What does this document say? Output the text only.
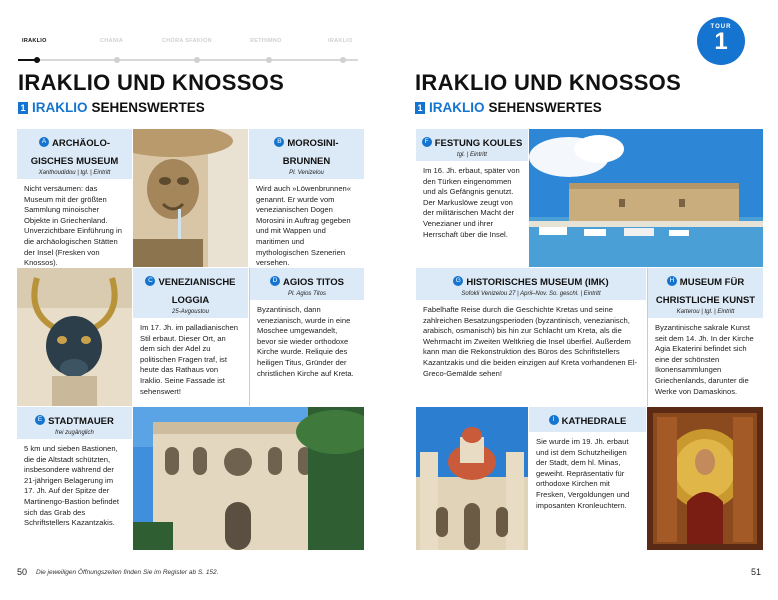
IRAKLIO	CHANIA	CHÓRA SFAKION	RETHIMNO	IRAKLIO
IRAKLIO UND KNOSSOS
1 IRAKLIO SEHENSWERTES
A ARCHÄOLO-GISCHES MUSEUM
Xanthoudidou | tgl. | Eintritt
Nicht versäumen: das Museum mit der größten Sammlung minoischer Objekte in Griechenland. Unverzichtbare Einführung in die archäologischen Stätten der Insel (Fresken von Knossos).
B MOROSINI-BRUNNEN
Pl. Venizelou
Wird auch »Löwenbrunnen« genannt. Er wurde vom venezianischen Dogen Morosini in Auftrag gegeben und mit Wappen und maritimen und mythologischen Szenerien versehen.
C VENEZIANISCHE LOGGIA
25-Avgoustou
Im 17. Jh. im palladianischen Stil erbaut. Dieser Ort, an dem sich der Adel zu politischen Fragen traf, ist heute das Rathaus von Iraklio. Seine Fassade ist sehenswert!
D AGIOS TITOS
Pl. Agios Titos
Byzantinisch, dann venezianisch, wurde in eine Moschee umgewandelt, bevor sie wieder orthodoxe Kirche wurde. Reliquie des heiligen Titus, Gründer der christlichen Kirche auf Kreta.
E STADTMAUER
frei zugänglich
5 km und sieben Bastionen, die die Altstadt schützten, insbesondere während der 21-jährigen Belagerung im 17. Jh. Auf der Spitze der Martinengo-Bastion befindet sich das Grab des Schriftstellers Kazantzakis.
50 Die jeweiligen Öffnungszeiten finden Sie im Register ab S. 152.
IRAKLIO UND KNOSSOS
1 IRAKLIO SEHENSWERTES
F FESTUNG KOULES
tgl. | Eintritt
Im 16. Jh. erbaut, später von den Türken eingenommen und als Gefängnis genutzt. Der Markuslöwe zeugt von der militärischen Macht der Venezianer und ihrer Herrschaft über die Insel.
G HISTORISCHES MUSEUM (IMK)
Sofokli Venizelou 27 | April–Nov. So. geschl. | Eintritt
Fabelhafte Reise durch die Geschichte Kretas und seine zahlreichen Besatzungsperioden (byzantinisch, venezianisch, arabisch, osmanisch) bis hin zur Schlacht um Kreta, als die Wehrmacht im Zweiten Weltkrieg die Insel überfiel. Außerdem kann man die Rekonstruktion des Büros des Schriftstellers Kazantzakis und die beiden einzigen auf Kreta vorhandenen El-Greco-Gemälde sehen!
H MUSEUM FÜR CHRISTLICHE KUNST
Karterou | tgl. | Eintritt
Byzantinische sakrale Kunst seit dem 14. Jh. In der Kirche Agia Ekaterini befindet sich eine der schönsten Ikonensammlungen Griechenlands, darunter die Werke von Damaskinos.
I KATHEDRALE
Sie wurde im 19. Jh. erbaut und ist dem Schutzheiligen der Stadt, dem hl. Minas, geweiht. Repräsentativ für orthodoxe Kirchen mit Fresken, Vergoldungen und imposanten Kronleuchtern.
51
TOUR
1
